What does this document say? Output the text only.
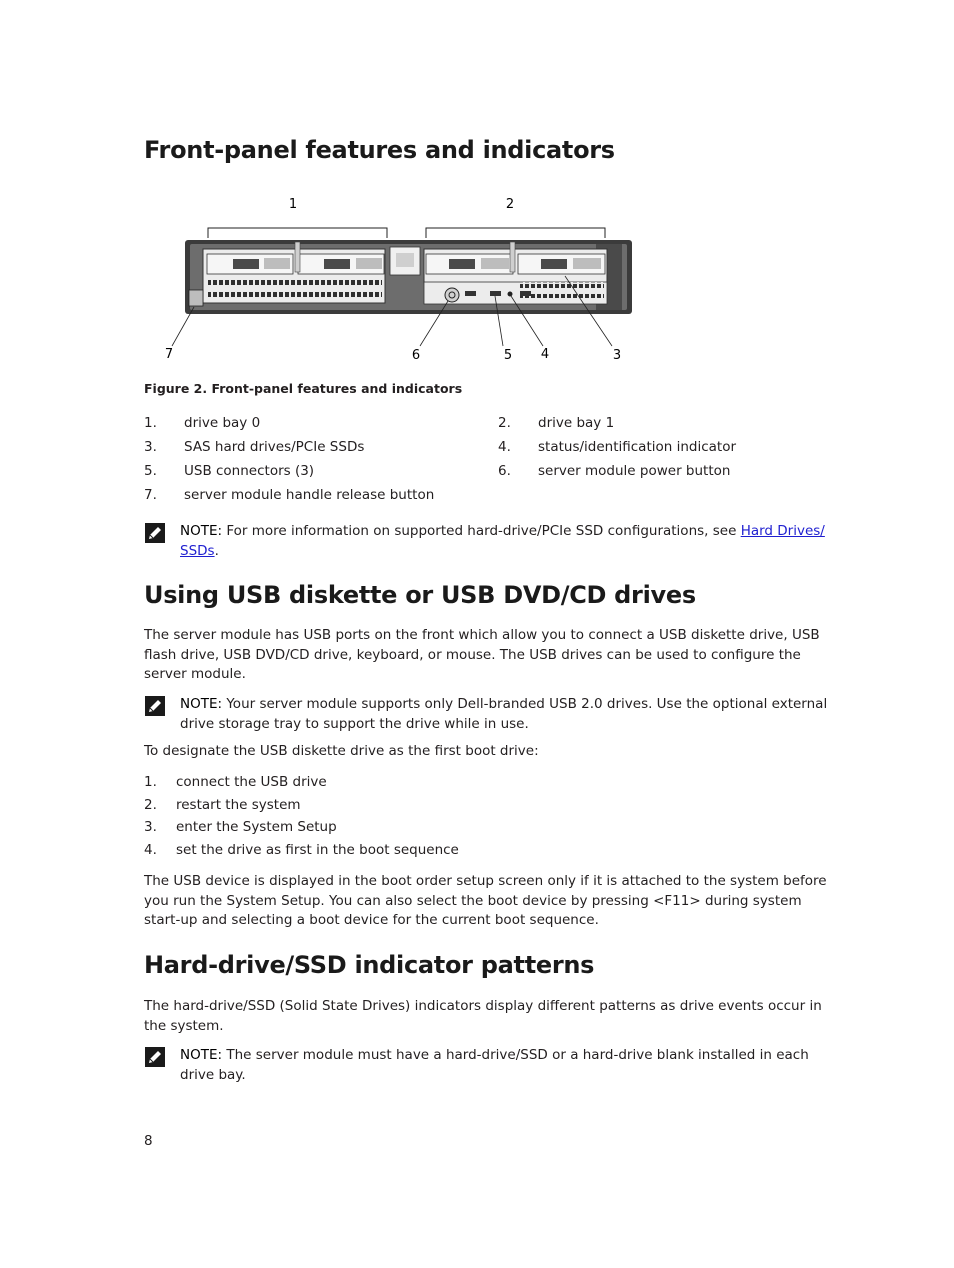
Front-panel features and indicators
1	2
3
4
5
6
7

Figure 2. Front-panel features and indicators

1. drive bay 0	2. drive bay 1
3. SAS hard drives/PCIe SSDs	4. status/identification indicator
5. USB connectors (3)	6. server module power button
7. server module handle release button

NOTE: For more information on supported hard-drive/PCIe SSD configurations, see Hard Drives/
SSDs.

Using USB diskette or USB DVD/CD drives

The server module has USB ports on the front which allow you to connect a USB diskette drive, USB flash drive, USB DVD/CD drive, keyboard, or mouse. The USB drives can be used to configure the server module.

NOTE: Your server module supports only Dell-branded USB 2.0 drives. Use the optional external drive storage tray to support the drive while in use.

To designate the USB diskette drive as the first boot drive:

1. connect the USB drive
2. restart the system
3. enter the System Setup
4. set the drive as first in the boot sequence

The USB device is displayed in the boot order setup screen only if it is attached to the system before you run the System Setup. You can also select the boot device by pressing <F11> during system start-up and selecting a boot device for the current boot sequence.

Hard-drive/SSD indicator patterns

The hard-drive/SSD (Solid State Drives) indicators display different patterns as drive events occur in the system.

NOTE: The server module must have a hard-drive/SSD or a hard-drive blank installed in each drive bay.

8
